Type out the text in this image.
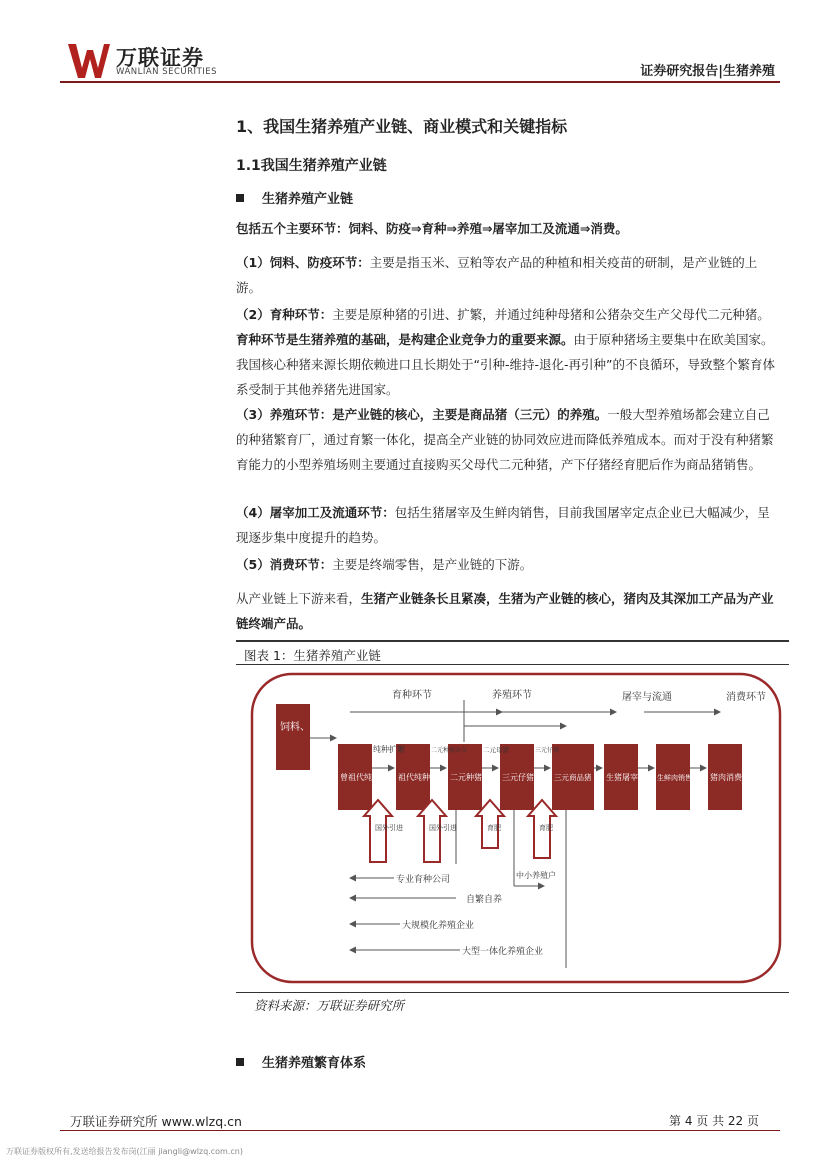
万联证券
WANLIAN SECURITIES	证券研究报告|生猪养殖
1、我国生猪养殖产业链、商业模式和关键指标
1.1我国生猪养殖产业链
生猪养殖产业链
包括五个主要环节：饲料、防疫⇒育种⇒养殖⇒屠宰加工及流通⇒消费。
（1）饲料、防疫环节：主要是指玉米、豆粕等农产品的种植和相关疫苗的研制，是产业链的上游。
（2）育种环节：主要是原种猪的引进、扩繁，并通过纯种母猪和公猪杂交生产父母代二元种猪。育种环节是生猪养殖的基础，是构建企业竞争力的重要来源。由于原种猪场主要集中在欧美国家。我国核心种猪来源长期依赖进口且长期处于“引种-维持-退化-再引种”的不良循环，导致整个繁育体系受制于其他养猪先进国家。
（3）养殖环节：是产业链的核心，主要是商品猪（三元）的养殖。一般大型养殖场都会建立自己的种猪繁育厂，通过育繁一体化，提高全产业链的协同效应进而降低养殖成本。而对于没有种猪繁育能力的小型养殖场则主要通过直接购买父母代二元种猪，产下仔猪经育肥后作为商品猪销售。
（4）屠宰加工及流通环节：包括生猪屠宰及生鲜肉销售，目前我国屠宰定点企业已大幅减少，呈现逐步集中度提升的趋势。
（5）消费环节：主要是终端零售，是产业链的下游。
从产业链上下游来看，生猪产业链条长且紧凑，生猪为产业链的核心，猪肉及其深加工产品为产业链终端产品。
图表 1：生猪养殖产业链
育种环节	养殖环节	屠宰与流通	消费环节
饲料、防疫
曾祖代纯种猪 祖代纯种猪 二元种猪	三元仔猪	三元商品猪 生猪屠宰	生鲜肉销售 猪肉消费
纯种扩繁	二元种猪杂交 二元母猪	三元仔猪
国外引进	国外引进	育肥	育肥
专业育种公司	中小养殖户
自繁自养
大规模化养殖企业
大型一体化养殖企业
资料来源：万联证券研究所
生猪养殖繁育体系
万联证券研究所 www.wlzq.cn	第 4 页 共 22 页
万联证券版权所有,发送给报告发布岗(江丽 jiangli@wlzq.com.cn)
